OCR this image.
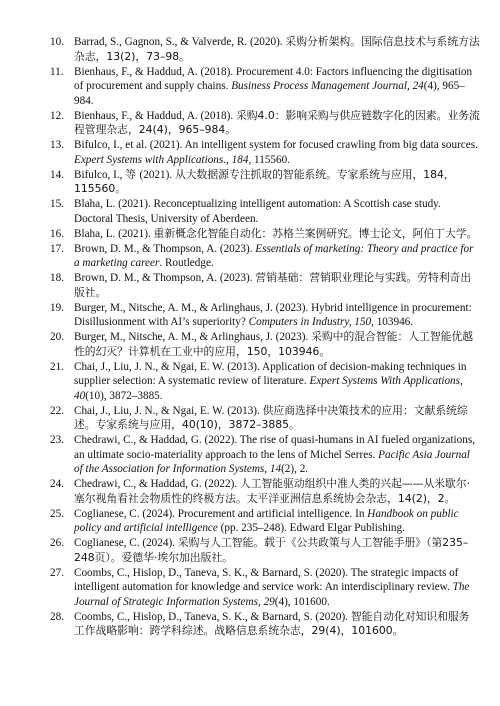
10. Barrad, S., Gagnon, S., & Valverde, R. (2020). 采购分析架构。国际信息技术与系统方法杂志，13(2)，73–98。
11. Bienhaus, F., & Haddud, A. (2018). Procurement 4.0: Factors influencing the digitisation of procurement and supply chains. Business Process Management Journal, 24(4), 965–984.
12. Bienhaus, F., & Haddud, A. (2018). 采购4.0：影响采购与供应链数字化的因素。业务流程管理杂志，24(4)，965–984。
13. Bifulco, I., et al. (2021). An intelligent system for focused crawling from big data sources. Expert Systems with Applications., 184, 115560.
14. Bifulco, I., 等 (2021). 从大数据源专注抓取的智能系统。专家系统与应用，184，115560。
15. Blaha, L. (2021). Reconceptualizing intelligent automation: A Scottish case study. Doctoral Thesis, University of Aberdeen.
16. Blaha, L. (2021). 重新概念化智能自动化：苏格兰案例研究。博士论文，阿伯丁大学。
17. Brown, D. M., & Thompson, A. (2023). Essentials of marketing: Theory and practice for a marketing career. Routledge.
18. Brown, D. M., & Thompson, A. (2023). 营销基础：营销职业理论与实践。劳特利奇出版社。
19. Burger, M., Nitsche, A. M., & Arlinghaus, J. (2023). Hybrid intelligence in procurement: Disillusionment with AI’s superiority? Computers in Industry, 150, 103946.
20. Burger, M., Nitsche, A. M., & Arlinghaus, J. (2023). 采购中的混合智能：人工智能优越性的幻灭？计算机在工业中的应用，150，103946。
21. Chai, J., Liu, J. N., & Ngai, E. W. (2013). Application of decision-making techniques in supplier selection: A systematic review of literature. Expert Systems With Applications, 40(10), 3872–3885.
22. Chai, J., Liu, J. N., & Ngai, E. W. (2013). 供应商选择中决策技术的应用：文献系统综述。专家系统与应用，40(10)，3872–3885。
23. Chedrawi, C., & Haddad, G. (2022). The rise of quasi-humans in AI fueled organizations, an ultimate socio-materiality approach to the lens of Michel Serres. Pacific Asia Journal of the Association for Information Systems, 14(2), 2.
24. Chedrawi, C., & Haddad, G. (2022). 人工智能驱动组织中准人类的兴起——从米歇尔·塞尔视角看社会物质性的终极方法。太平洋亚洲信息系统协会杂志，14(2)，2。
25. Coglianese, C. (2024). Procurement and artificial intelligence. In Handbook on public policy and artificial intelligence (pp. 235–248). Edward Elgar Publishing.
26. Coglianese, C. (2024). 采购与人工智能。载于《公共政策与人工智能手册》（第235–248页）。爱德华·埃尔加出版社。
27. Coombs, C., Hislop, D., Taneva, S. K., & Barnard, S. (2020). The strategic impacts of intelligent automation for knowledge and service work: An interdisciplinary review. The Journal of Strategic Information Systems, 29(4), 101600.
28. Coombs, C., Hislop, D., Taneva, S. K., & Barnard, S. (2020). 智能自动化对知识和服务工作战略影响：跨学科综述。战略信息系统杂志，29(4)，101600。
